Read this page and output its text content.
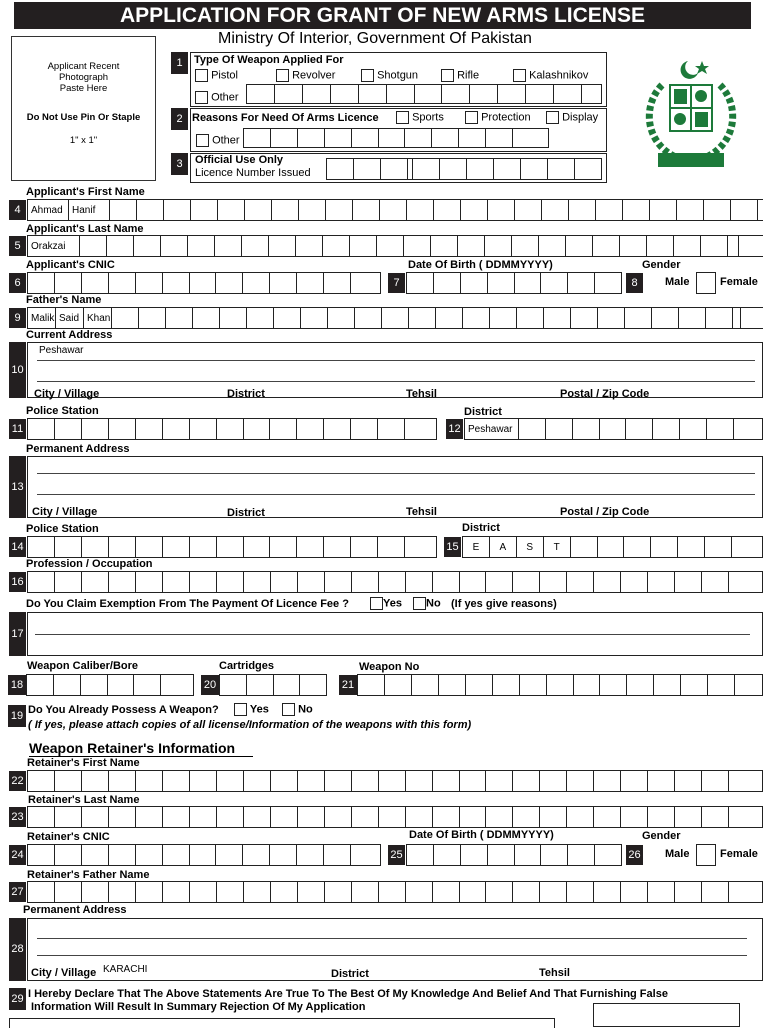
APPLICATION FOR GRANT OF NEW ARMS LICENSE
Ministry Of Interior, Government Of Pakistan
Applicant Recent
Photograph
Paste Here
Do Not Use Pin Or Staple
1" x 1"
1	Type Of Weapon Applied For
Pistol	Revolver	Shotgun	Rifle	Kalashnikov
Other
2 Reasons For Need Of Arms Licence	Sports	Protection	Display
Other
3	Official Use Only
Licence Number Issued
Applicant's First Name
4	Ahmad Hanif
Applicant's Last Name
5	Orakzai
Applicant's CNIC	Date Of Birth ( DDMMYYYY)	Gender
6	7	8	Male	Female
Father's Name
9	Malik Said Khan
Current Address
10
Peshawar
City / Village	District	Tehsil	Postal / Zip Code
Police Station	District
11	12 Peshawar
Permanent Address
13
City / Village	District	Tehsil	Postal / Zip Code
Police Station	District
14	15	E	A	S	T
Profession / Occupation
16
Do You Claim Exemption From The Payment Of Licence Fee ?	Yes	No (If yes give reasons)
17
Weapon Caliber/Bore	Cartridges	Weapon No
18	20	21
19 Do You Already Possess A Weapon?	Yes	No
( If yes, please attach copies of all license/Information of the weapons with this form)
Weapon Retainer's Information
Retainer's First Name
22
Retainer's Last Name
23
Retainer's CNIC	Date Of Birth ( DDMMYYYY)	Gender
24	25	26 Male	Female
Retainer's Father Name
27
Permanent Address
28
City / Village KARACHI	District	Tehsil
29 I Hereby Declare That The Above Statements Are True To The Best Of My Knowledge And Belief And That Furnishing False
Information Will Result In Summary Rejection Of My Application
